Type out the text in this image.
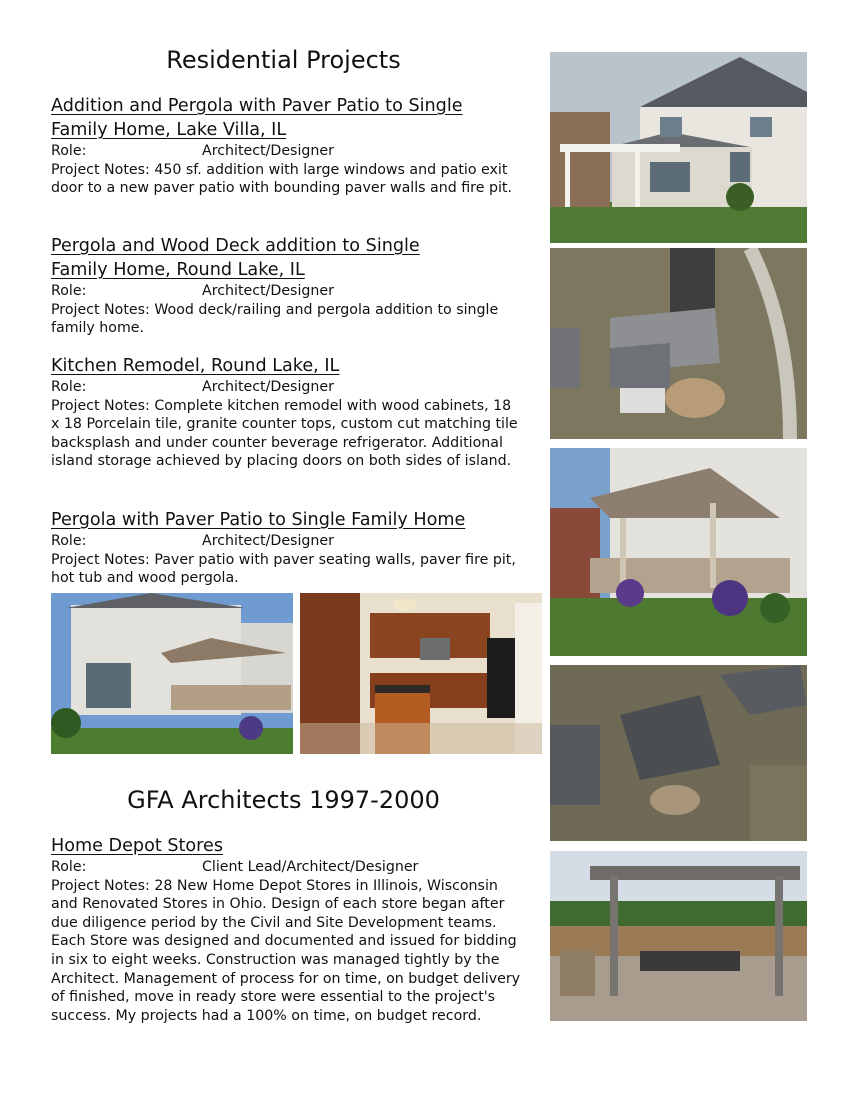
Residential Projects
Addition and Pergola with Paver Patio to Single
Family Home, Lake Villa, IL
Role:	Architect/Designer
Project Notes: 450 sf. addition with large windows and patio exit door to a new paver patio with bounding paver walls and fire pit.
Pergola and Wood Deck addition to Single
Family Home, Round Lake, IL
Role:	Architect/Designer
Project Notes: Wood deck/railing and pergola addition to single family home.
Kitchen Remodel, Round Lake, IL
Role:	Architect/Designer
Project Notes: Complete kitchen remodel with wood cabinets, 18 x 18 Porcelain tile, granite counter tops, custom cut matching tile backsplash and under counter beverage refrigerator. Additional island storage achieved by placing doors on both sides of island.
Pergola with Paver Patio to Single Family Home
Role:	Architect/Designer
Project Notes: Paver patio with paver seating walls, paver fire pit, hot tub and wood pergola.
GFA Architects 1997-2000
Home Depot Stores
Role:	Client Lead/Architect/Designer
Project Notes: 28 New Home Depot Stores in Illinois, Wisconsin and Renovated Stores in Ohio. Design of each store began after due diligence period by the Civil and Site Development teams. Each Store was designed and documented and issued for bidding in six to eight weeks. Construction was managed tightly by the Architect. Management of process for on time, on budget delivery of finished, move in ready store were essential to the project's success. My projects had a 100% on time, on budget record.
